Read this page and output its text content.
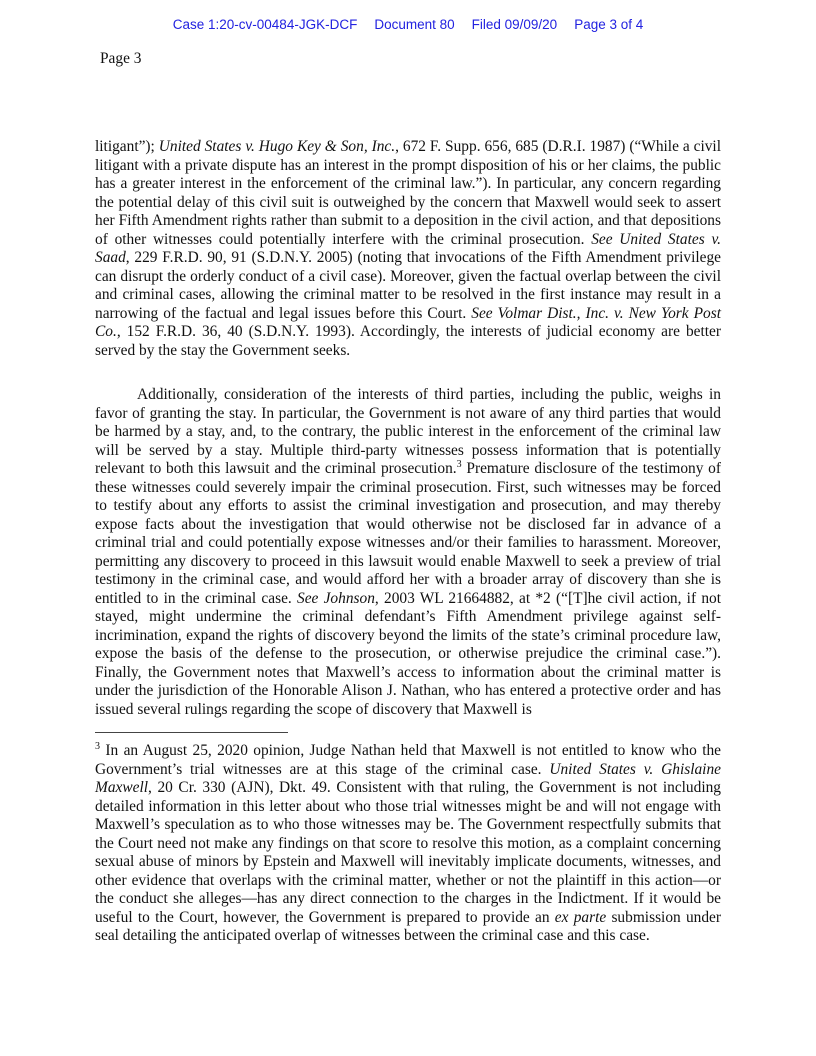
Case 1:20-cv-00484-JGK-DCF Document 80 Filed 09/09/20 Page 3 of 4
Page 3

litigant”); United States v. Hugo Key & Son, Inc., 672 F. Supp. 656, 685 (D.R.I. 1987) (“While a civil litigant with a private dispute has an interest in the prompt disposition of his or her claims, the public has a greater interest in the enforcement of the criminal law.”). In particular, any concern regarding the potential delay of this civil suit is outweighed by the concern that Maxwell would seek to assert her Fifth Amendment rights rather than submit to a deposition in the civil action, and that depositions of other witnesses could potentially interfere with the criminal prosecution. See United States v. Saad, 229 F.R.D. 90, 91 (S.D.N.Y. 2005) (noting that invocations of the Fifth Amendment privilege can disrupt the orderly conduct of a civil case). Moreover, given the factual overlap between the civil and criminal cases, allowing the criminal matter to be resolved in the first instance may result in a narrowing of the factual and legal issues before this Court. See Volmar Dist., Inc. v. New York Post Co., 152 F.R.D. 36, 40 (S.D.N.Y. 1993). Accordingly, the interests of judicial economy are better served by the stay the Government seeks.

Additionally, consideration of the interests of third parties, including the public, weighs in favor of granting the stay. In particular, the Government is not aware of any third parties that would be harmed by a stay, and, to the contrary, the public interest in the enforcement of the criminal law will be served by a stay. Multiple third-party witnesses possess information that is potentially relevant to both this lawsuit and the criminal prosecution.$^3$ Premature disclosure of the testimony of these witnesses could severely impair the criminal prosecution. First, such witnesses may be forced to testify about any efforts to assist the criminal investigation and prosecution, and may thereby expose facts about the investigation that would otherwise not be disclosed far in advance of a criminal trial and could potentially expose witnesses and/or their families to harassment. Moreover, permitting any discovery to proceed in this lawsuit would enable Maxwell to seek a preview of trial testimony in the criminal case, and would afford her with a broader array of discovery than she is entitled to in the criminal case. See Johnson, 2003 WL 21664882, at *2 (“[T]he civil action, if not stayed, might undermine the criminal defendant’s Fifth Amendment privilege against self-incrimination, expand the rights of discovery beyond the limits of the state’s criminal procedure law, expose the basis of the defense to the prosecution, or otherwise prejudice the criminal case.”). Finally, the Government notes that Maxwell’s access to information about the criminal matter is under the jurisdiction of the Honorable Alison J. Nathan, who has entered a protective order and has issued several rulings regarding the scope of discovery that Maxwell is

$^3$ In an August 25, 2020 opinion, Judge Nathan held that Maxwell is not entitled to know who the Government’s trial witnesses are at this stage of the criminal case. United States v. Ghislaine Maxwell, 20 Cr. 330 (AJN), Dkt. 49. Consistent with that ruling, the Government is not including detailed information in this letter about who those trial witnesses might be and will not engage with Maxwell’s speculation as to who those witnesses may be. The Government respectfully submits that the Court need not make any findings on that score to resolve this motion, as a complaint concerning sexual abuse of minors by Epstein and Maxwell will inevitably implicate documents, witnesses, and other evidence that overlaps with the criminal matter, whether or not the plaintiff in this action—or the conduct she alleges—has any direct connection to the charges in the Indictment. If it would be useful to the Court, however, the Government is prepared to provide an ex parte submission under seal detailing the anticipated overlap of witnesses between the criminal case and this case.
